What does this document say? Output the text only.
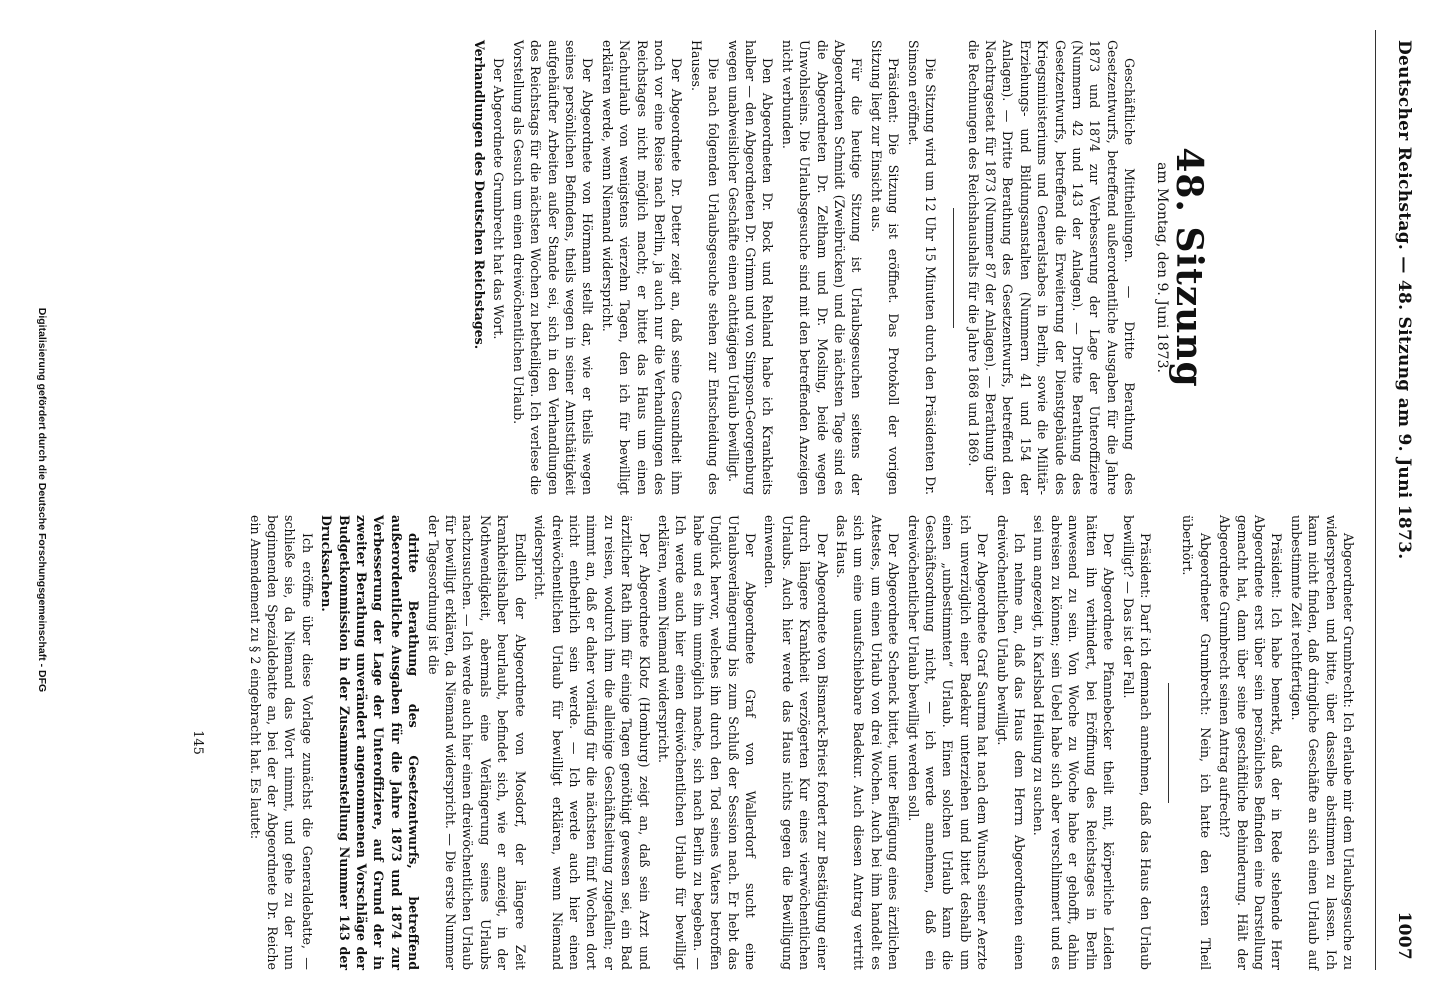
Deutscher Reichstag. — 48. Sitzung am 9. Juni 1873.
1007
48. Sitzung
am Montag, den 9. Juni 1873.

Geschäftliche Mittheilungen. — Dritte Berathung des Gesetzentwurfs, betreffend außerordentliche Ausgaben für die Jahre 1873 und 1874 zur Verbesserung der Lage der Unteroffiziere (Nummern 42 und 143 der Anlagen). — Dritte Berathung des Gesetzentwurfs, betreffend die Erweiterung der Dienstgebäude des Kriegsministeriums und Generalstabes in Berlin, sowie die Militär-Erziehungs- und Bildungsanstalten (Nummern 41 und 154 der Anlagen). — Dritte Berathung des Gesetzentwurfs, betreffend den Nachtragsetat für 1873 (Nummer 87 der Anlagen). — Berathung über die Rechnungen des Reichshaushalts für die Jahre 1868 und 1869.

Die Sitzung wird um 12 Uhr 15 Minuten durch den Präsidenten Dr. Simson eröffnet.

Präsident: Die Sitzung ist eröffnet. Das Protokoll der vorigen Sitzung liegt zur Einsicht aus.

Für die heutige Sitzung ist Urlaubsgesuchen seitens der Abgeordneten Schmidt (Zweibrücken) und die nächsten Tage sind es die Abgeordneten Dr. Zeltham und Dr. Mosling, beide wegen Unwohlseins. Die Urlaubsgesuche sind mit den betreffenden Anzeigen nicht verbunden.

Den Abgeordneten Dr. Bock und Rehland habe ich Krankheits halber — den Abgeordneten Dr. Grimm und von Simpson-Georgenburg wegen unabweislicher Geschäfte einen achttägigen Urlaub bewilligt.

Die nach folgenden Urlaubsgesuche stehen zur Entscheidung des Hauses.

Der Abgeordnete Dr. Detter zeigt an, daß seine Gesundheit ihm noch vor eine Reise nach Berlin, ja auch nur die Verhandlungen des Reichstages nicht möglich macht; er bittet das Haus um einen Nachurlaub von wenigstens vierzehn Tagen, den ich für bewilligt erklären werde, wenn Niemand widerspricht.

Der Abgeordnete von Hörmann stellt dar, wie er theils wegen seines persönlichen Befindens, theils wegen in seiner Amtsthätigkeit aufgehäufter Arbeiten außer Stande sei, sich in den Verhandlungen des Reichstags für die nächsten Wochen zu betheiligen. Ich verlese die Vorstellung als Gesuch um einen dreiwöchentlichen Urlaub.

Der Abgeordnete Grumbrecht hat das Wort.

Verhandlungen des Deutschen Reichstages.

Abgeordneter Grumbrecht: Ich erlaube mir dem Urlaubsgesuche zu widersprechen und bitte, über dasselbe abstimmen zu lassen. Ich kann nicht finden, daß dringliche Geschäfte an sich einen Urlaub auf unbestimmte Zeit rechtfertigen.

Präsident: Ich habe bemerkt, daß der in Rede stehende Herr Abgeordnete erst über sein persönliches Befinden eine Darstellung gemacht hat, dann über seine geschäftliche Behinderung. Hält der Abgeordnete Grumbrecht seinen Antrag aufrecht?

Abgeordneter Grumbrecht: Nein, ich hatte den ersten Theil überhört.

Präsident: Darf ich demnach annehmen, daß das Haus den Urlaub bewilligt? — Das ist der Fall.

Der Abgeordnete Pfannebecker theilt mit, körperliche Leiden hätten ihn verhindert, bei Eröffnung des Reichstages in Berlin anwesend zu sein. Von Woche zu Woche habe er gehofft, dahin abreisen zu können; sein Uebel habe sich aber verschlimmert und es sei nun angezeigt, in Karlsbad Heilung zu suchen.

Ich nehme an, daß das Haus dem Herrn Abgeordneten einen dreiwöchentlichen Urlaub bewilligt.

Der Abgeordnete Graf Saurma hat nach dem Wunsch seiner Aerzte ich unverzüglich einer Badekur unterziehen und bittet deshalb um einen „unbestimmten“ Urlaub. Einen solchen Urlaub kann die Geschäftsordnung nicht, — ich werde annehmen, daß ein dreiwöchentlicher Urlaub bewilligt werden soll.

Der Abgeordnete Schenck bittet, unter Beifügung eines ärztlichen Attestes, um einen Urlaub von drei Wochen. Auch bei ihm handelt es sich um eine unaufschiebbare Badekur. Auch diesen Antrag vertritt das Haus.

Der Abgeordnete von Bismarck-Briest fordert zur Bestätigung einer durch längere Krankheit verzögerten Kur eines vierwöchentlichen Urlaubs. Auch hier werde das Haus nichts gegen die Bewilligung einwenden.

Der Abgeordnete Graf von Wallerdorf sucht eine Urlaubsverlängerung bis zum Schluß der Session nach. Er hebt das Unglück hervor, welches ihn durch den Tod seines Vaters betroffen habe und es ihm unmöglich mache, sich nach Berlin zu begeben. — Ich werde auch hier einen dreiwöchentlichen Urlaub für bewilligt erklären, wenn Niemand widerspricht.

Der Abgeordnete Klotz (Homburg) zeigt an, daß sein Arzt und ärztlicher Rath ihm für einige Tagen genöthigt gewesen sei, ein Bad zu reisen, wodurch ihm die alleinige Geschäftsleitung zugefallen; er nimmt an, daß er daher vorläufig für die nächsten fünf Wochen dort nicht entbehrlich sein werde. — Ich werde auch hier einen dreiwöchentlichen Urlaub für bewilligt erklären, wenn Niemand widerspricht.

Endlich der Abgeordnete von Mosdorf, der längere Zeit krankheitshalber beurlaubt, befindet sich, wie er anzeigt, in der Nothwendigkeit, abermals eine Verlängerung seines Urlaubs nachzusuchen. — Ich werde auch hier einen dreiwöchentlichen Urlaub für bewilligt erklären, da Niemand widerspricht. — Die erste Nummer der Tagesordnung ist die

dritte Berathung des Gesetzentwurfs, betreffend außerordentliche Ausgaben für die Jahre 1873 und 1874 zur Verbesserung der Lage der Unteroffiziere, auf Grund der in zweiter Berathung unverändert angenommenen Vorschläge der Budgetkommission in der Zusammenstellung Nummer 143 der Drucksachen.

Ich eröffne über diese Vorlage zunächst die Generaldebatte, — schließe sie, da Niemand das Wort nimmt, und gehe zu der nun beginnenden Spezialdebatte an, bei der der Abgeordnete Dr. Reiche ein Amendement zu § 2 eingebracht hat. Es lautet:

145
Digitalisierung gefördert durch die Deutsche Forschungsgemeinschaft - DFG
